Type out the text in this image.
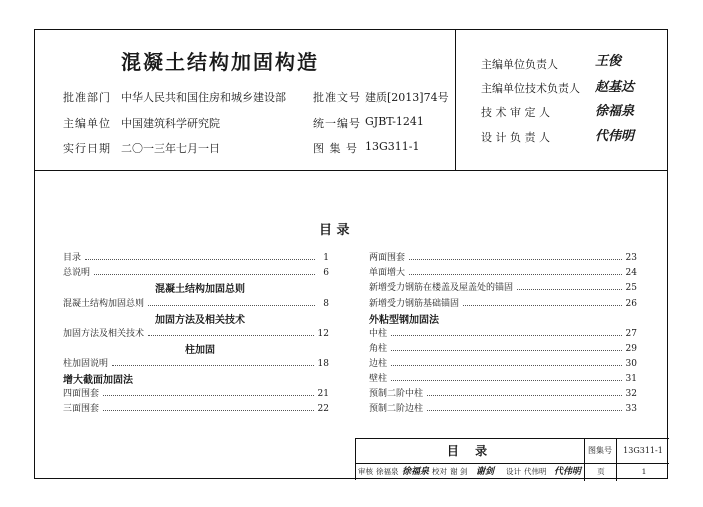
混凝土结构加固构造
批准部门 中华人民共和国住房和城乡建设部 批准文号 建质[2013]74号
主编单位 中国建筑科学研究院	统一编号 GJBT-1241
实行日期 二〇一三年七月一日	图 集 号 13G311-1
主编单位负责人	王俊
主编单位技术负责人 赵基达
技 术 审 定 人	徐福泉
设 计 负 责 人	代伟明
目 录
目录	1
总说明	6
混凝土结构加固总则
混凝土结构加固总则	8
加固方法及相关技术
加固方法及相关技术	12
柱加固
柱加固说明	18
增大截面加固法
四面围套	21
三面围套	22
两面围套	23
单面增大	24
新增受力钢筋在楼盖及屋盖处的锚固	25
新增受力钢筋基础锚固	26
外粘型钢加固法
中柱	27
角柱	29
边柱	30
壁柱	31
预制二阶中柱	32
预制二阶边柱	33
目 录	图集号	13G311-1
审核 徐福泉 徐福泉 校对 谢 剑 谢剑 设计 代伟明 代伟明	页	1
